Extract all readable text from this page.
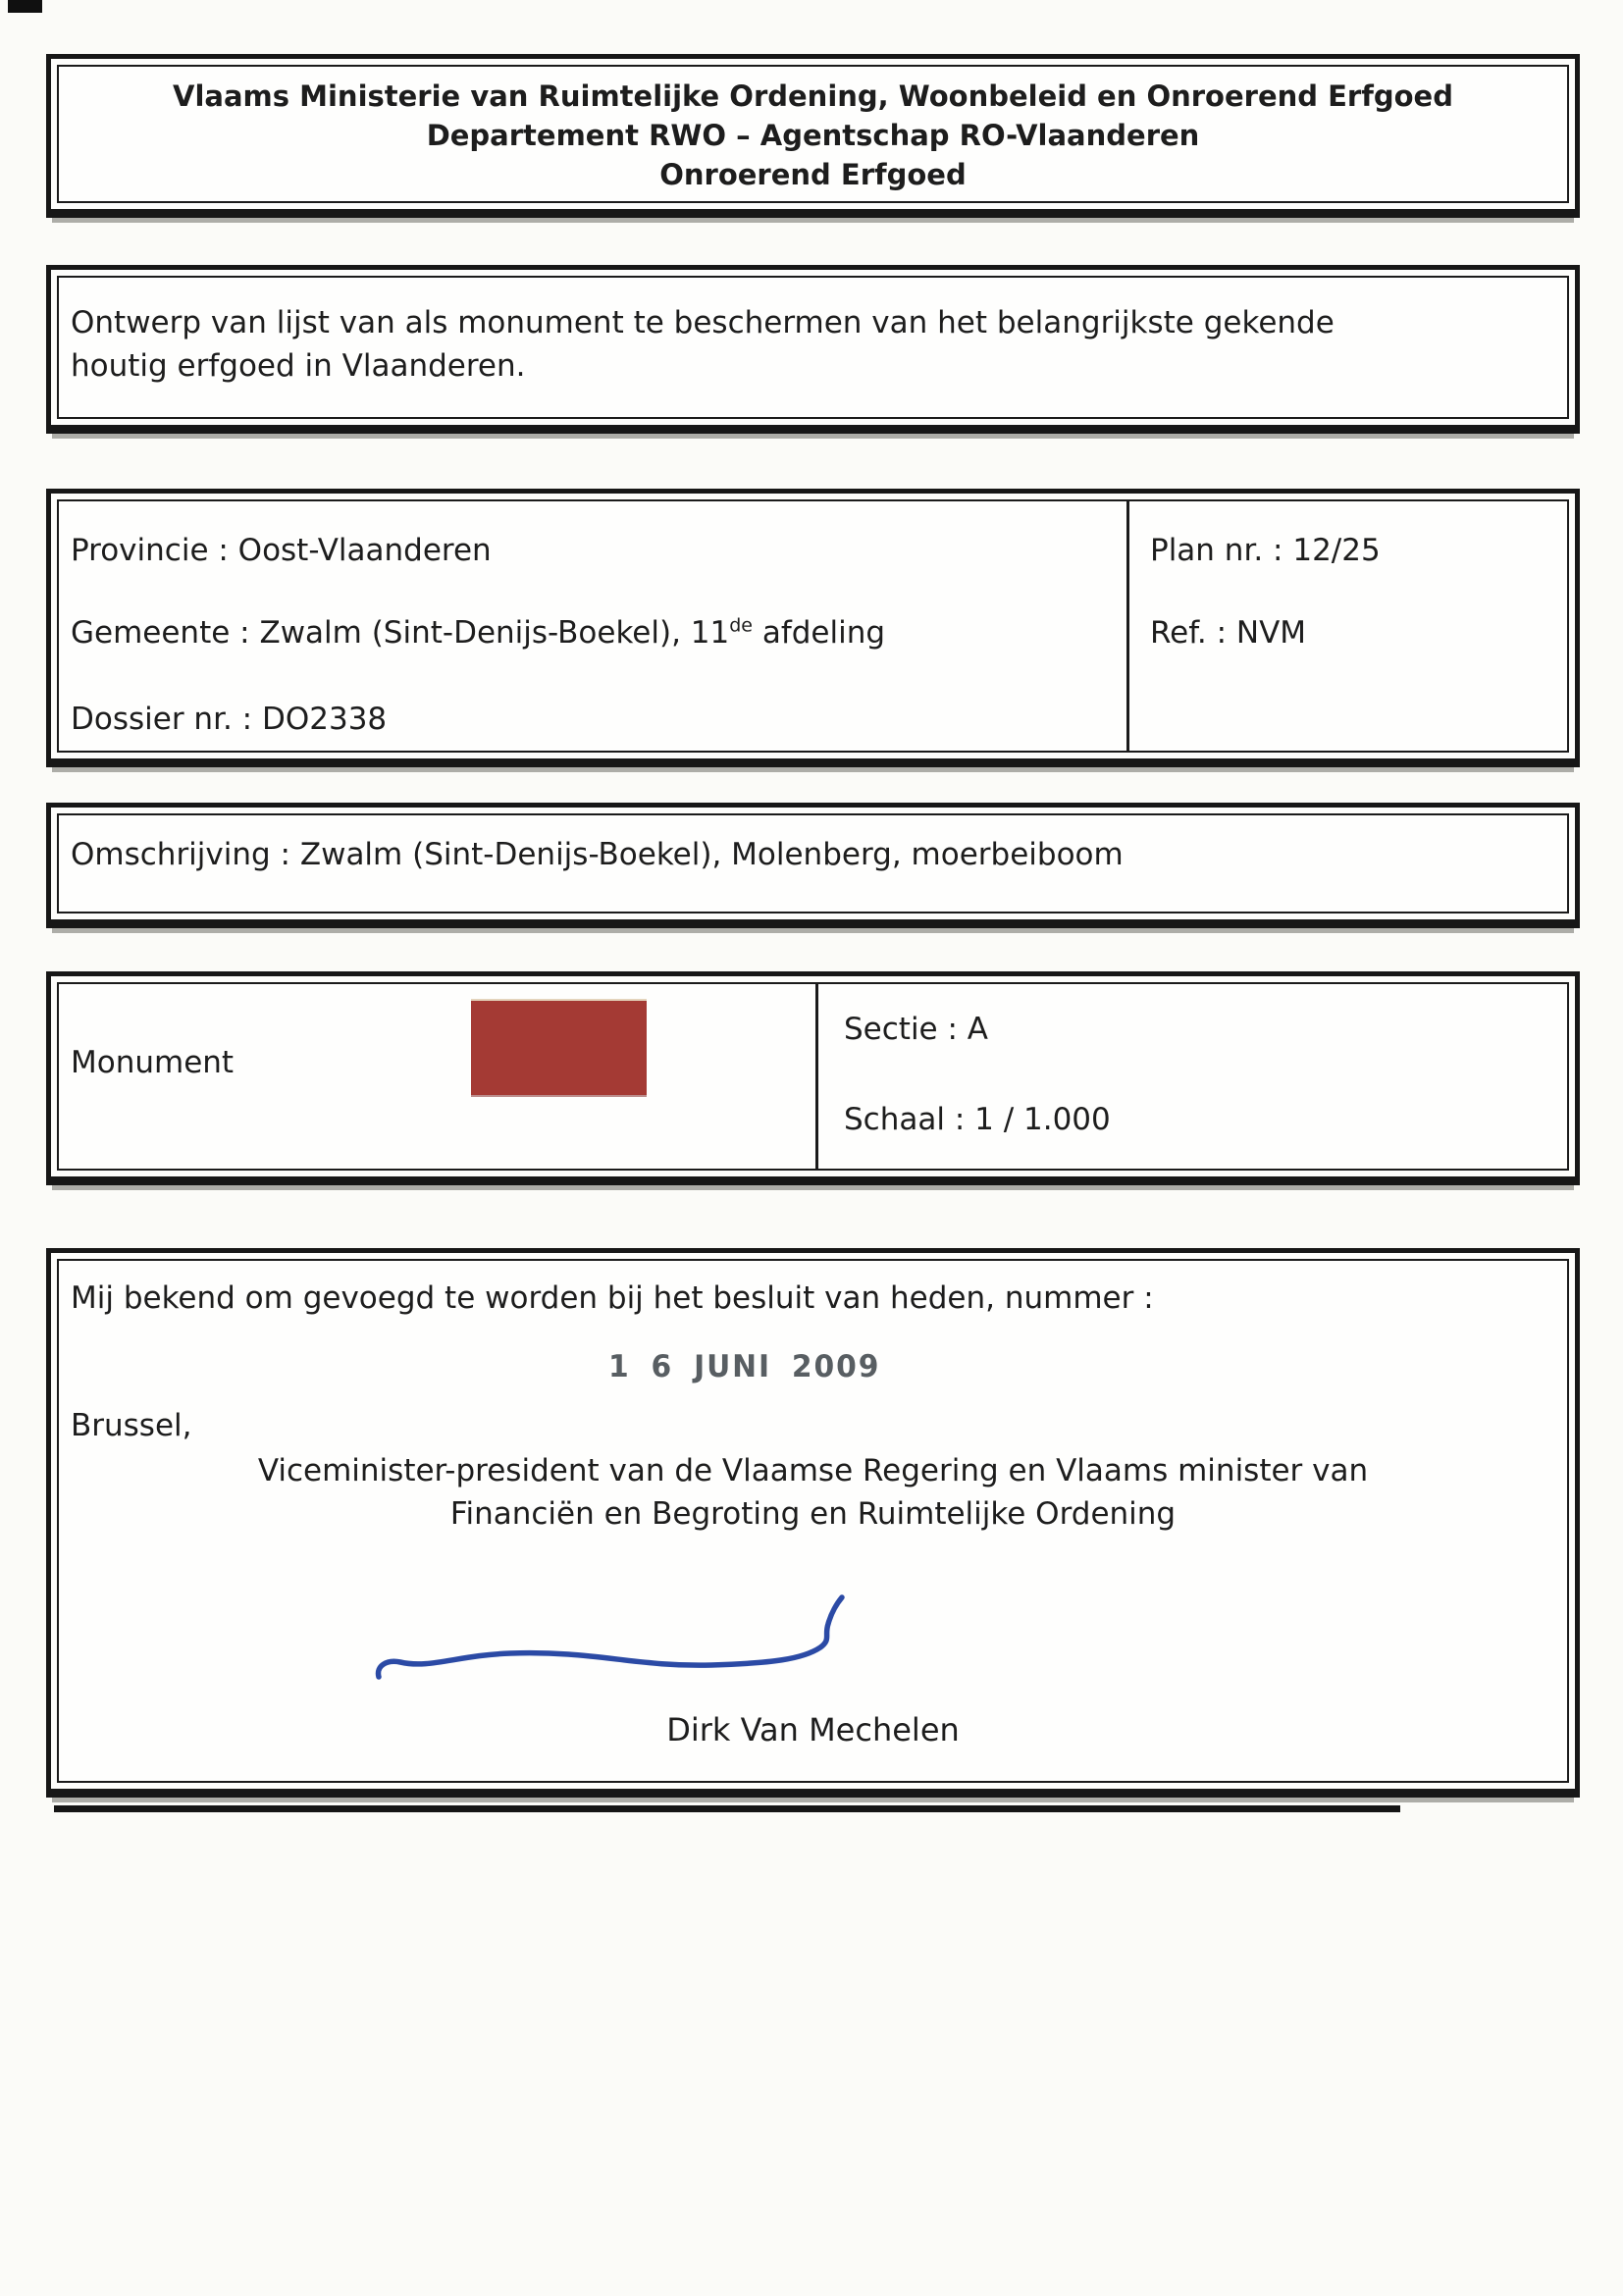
Vlaams Ministerie van Ruimtelijke Ordening, Woonbeleid en Onroerend Erfgoed
Departement RWO – Agentschap RO-Vlaanderen
Onroerend Erfgoed
Ontwerp van lijst van als monument te beschermen van het belangrijkste gekende
houtig erfgoed in Vlaanderen.
Provincie : Oost-Vlaanderen
Gemeente : Zwalm (Sint-Denijs-Boekel), 11de afdeling
Dossier nr. : DO2338
Plan nr. : 12/25
Ref. : NVM
Omschrijving : Zwalm (Sint-Denijs-Boekel), Molenberg, moerbeiboom
Monument
Sectie : A
Schaal : 1 / 1.000
Mij bekend om gevoegd te worden bij het besluit van heden, nummer :
1 6 JUNI 2009
Brussel,
Viceminister-president van de Vlaamse Regering en Vlaams minister van
Financiën en Begroting en Ruimtelijke Ordening
Dirk Van Mechelen
